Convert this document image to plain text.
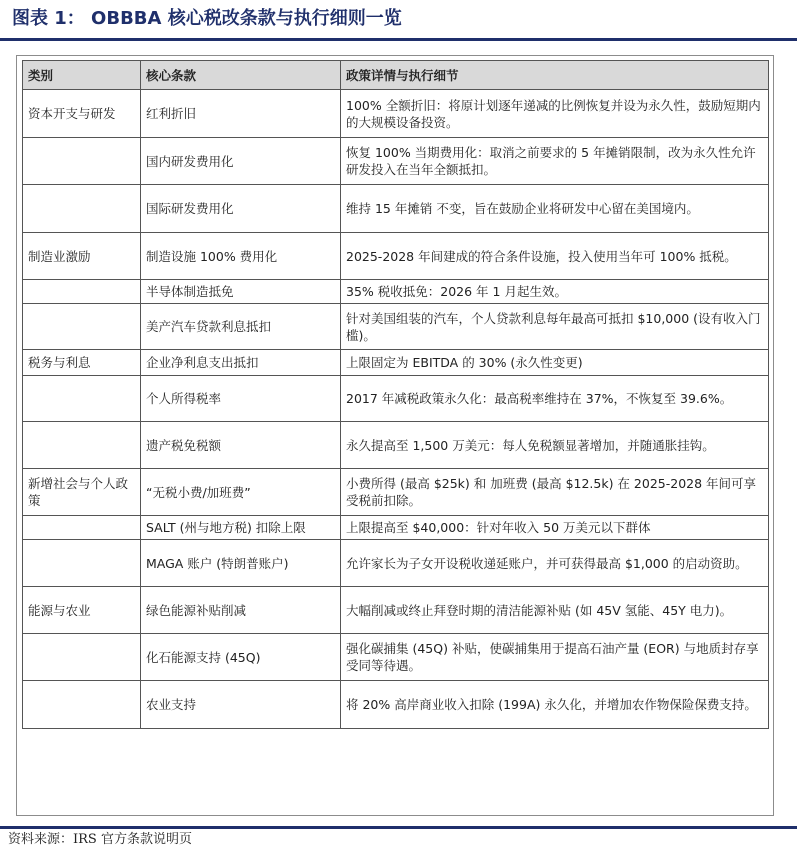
图表 1： OBBBA 核心税改条款与执行细则一览
类别	核心条款	政策详情与执行细节
资本开支与研发	红利折旧	100% 全额折旧：将原计划逐年递减的比例恢复并设为永久性，鼓励短期内的大规模设备投资。
	国内研发费用化	恢复 100% 当期费用化：取消之前要求的 5 年摊销限制，改为永久性允许研发投入在当年全额抵扣。
	国际研发费用化	维持 15 年摊销 不变，旨在鼓励企业将研发中心留在美国境内。
制造业激励	制造设施 100% 费用化	2025-2028 年间建成的符合条件设施，投入使用当年可 100% 抵税。
	半导体制造抵免	35% 税收抵免：2026 年 1 月起生效。
	美产汽车贷款利息抵扣	针对美国组装的汽车，个人贷款利息每年最高可抵扣 $10,000 (设有收入门槛)。
税务与利息	企业净利息支出抵扣	上限固定为 EBITDA 的 30% (永久性变更)
	个人所得税率	2017 年减税政策永久化：最高税率维持在 37%，不恢复至 39.6%。
	遗产税免税额	永久提高至 1,500 万美元：每人免税额显著增加，并随通胀挂钩。
新增社会与个人政策	“无税小费/加班费”	小费所得 (最高 $25k) 和 加班费 (最高 $12.5k) 在 2025-2028 年间可享受税前扣除。
	SALT (州与地方税) 扣除上限	上限提高至 $40,000：针对年收入 50 万美元以下群体
	MAGA 账户 (特朗普账户)	允许家长为子女开设税收递延账户，并可获得最高 $1,000 的启动资助。
能源与农业	绿色能源补贴削减	大幅削减或终止拜登时期的清洁能源补贴 (如 45V 氢能、45Y 电力)。
	化石能源支持 (45Q)	强化碳捕集 (45Q) 补贴，使碳捕集用于提高石油产量 (EOR) 与地质封存享受同等待遇。
	农业支持	将 20% 高岸商业收入扣除 (199A) 永久化，并增加农作物保险保费支持。
资料来源：IRS 官方条款说明页
